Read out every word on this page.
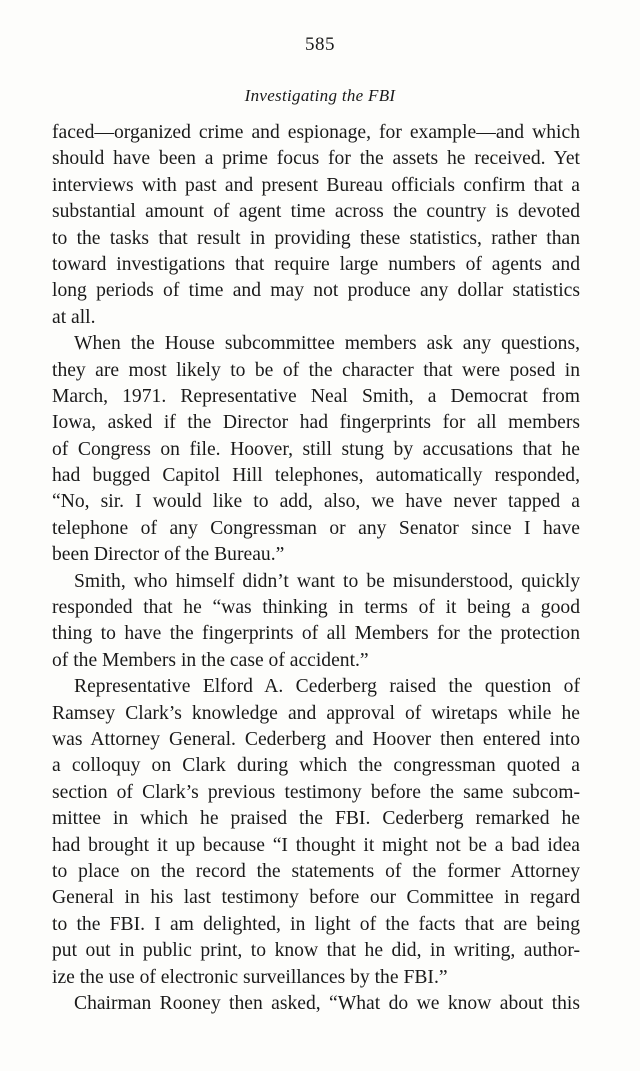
585
Investigating the FBI
faced—organized crime and espionage, for example—and which
should have been a prime focus for the assets he received. Yet
interviews with past and present Bureau officials confirm that a
substantial amount of agent time across the country is devoted
to the tasks that result in providing these statistics, rather than
toward investigations that require large numbers of agents and
long periods of time and may not produce any dollar statistics
at all.
When the House subcommittee members ask any questions,
they are most likely to be of the character that were posed in
March, 1971. Representative Neal Smith, a Democrat from
Iowa, asked if the Director had fingerprints for all members
of Congress on file. Hoover, still stung by accusations that he
had bugged Capitol Hill telephones, automatically responded,
“No, sir. I would like to add, also, we have never tapped a
telephone of any Congressman or any Senator since I have
been Director of the Bureau.”
Smith, who himself didn’t want to be misunderstood, quickly
responded that he “was thinking in terms of it being a good
thing to have the fingerprints of all Members for the protection
of the Members in the case of accident.”
Representative Elford A. Cederberg raised the question of
Ramsey Clark’s knowledge and approval of wiretaps while he
was Attorney General. Cederberg and Hoover then entered into
a colloquy on Clark during which the congressman quoted a
section of Clark’s previous testimony before the same subcom-
mittee in which he praised the FBI. Cederberg remarked he
had brought it up because “I thought it might not be a bad idea
to place on the record the statements of the former Attorney
General in his last testimony before our Committee in regard
to the FBI. I am delighted, in light of the facts that are being
put out in public print, to know that he did, in writing, author-
ize the use of electronic surveillances by the FBI.”
Chairman Rooney then asked, “What do we know about this
